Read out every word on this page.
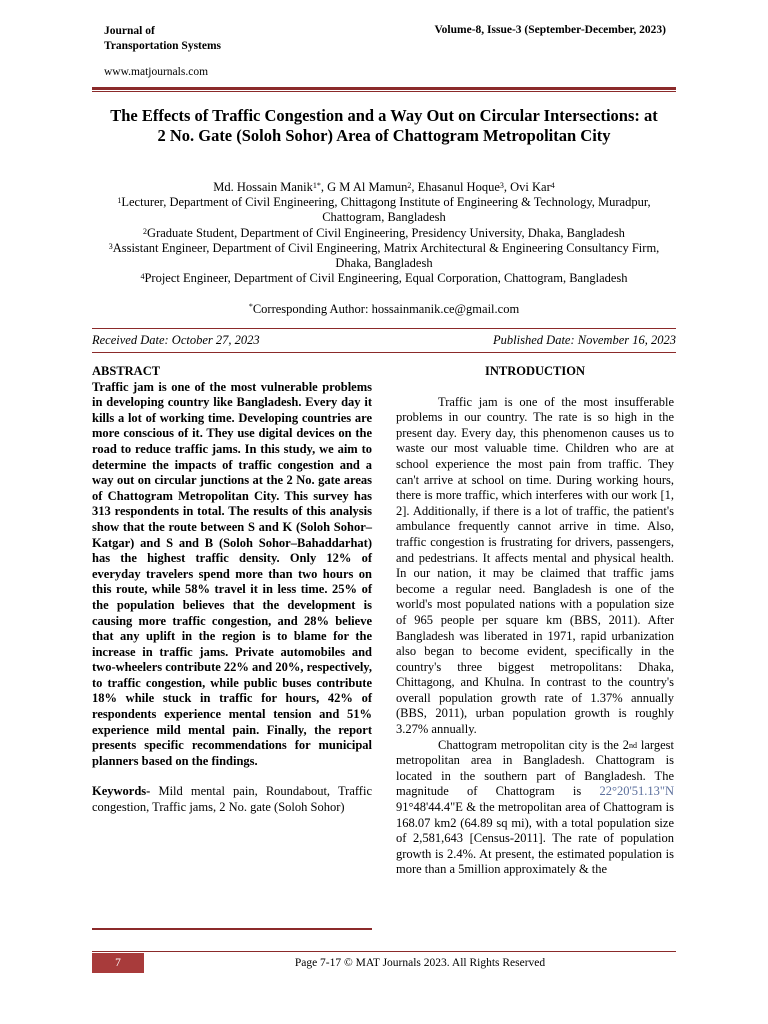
Journal of
Transportation Systems
Volume-8, Issue-3 (September-December, 2023)
www.matjournals.com
The Effects of Traffic Congestion and a Way Out on Circular Intersections: at 2 No. Gate (Soloh Sohor) Area of Chattogram Metropolitan City
Md. Hossain Manik$^{1*}$, G M Al Mamun$^2$, Ehasanul Hoque$^3$, Ovi Kar$^4$
$^1$Lecturer, Department of Civil Engineering, Chittagong Institute of Engineering & Technology, Muradpur, Chattogram, Bangladesh
$^2$Graduate Student, Department of Civil Engineering, Presidency University, Dhaka, Bangladesh
$^3$Assistant Engineer, Department of Civil Engineering, Matrix Architectural & Engineering Consultancy Firm, Dhaka, Bangladesh
$^4$Project Engineer, Department of Civil Engineering, Equal Corporation, Chattogram, Bangladesh
*Corresponding Author: hossainmanik.ce@gmail.com
Received Date: October 27, 2023	Published Date: November 16, 2023
ABSTRACT
Traffic jam is one of the most vulnerable problems in developing country like Bangladesh. Every day it kills a lot of working time. Developing countries are more conscious of it. They use digital devices on the road to reduce traffic jams. In this study, we aim to determine the impacts of traffic congestion and a way out on circular junctions at the 2 No. gate areas of Chattogram Metropolitan City. This survey has 313 respondents in total. The results of this analysis show that the route between S and K (Soloh Sohor–Katgar) and S and B (Soloh Sohor–Bahaddarhat) has the highest traffic density. Only 12% of everyday travelers spend more than two hours on this route, while 58% travel it in less time. 25% of the population believes that the development is causing more traffic congestion, and 28% believe that any uplift in the region is to blame for the increase in traffic jams. Private automobiles and two-wheelers contribute 22% and 20%, respectively, to traffic congestion, while public buses contribute 18% while stuck in traffic for hours, 42% of respondents experience mental tension and 51% experience mild mental pain. Finally, the report presents specific recommendations for municipal planners based on the findings.
Keywords- Mild mental pain, Roundabout, Traffic congestion, Traffic jams, 2 No. gate (Soloh Sohor)
INTRODUCTION

Traffic jam is one of the most insufferable problems in our country. The rate is so high in the present day. Every day, this phenomenon causes us to waste our most valuable time. Children who are at school experience the most pain from traffic. They can't arrive at school on time. During working hours, there is more traffic, which interferes with our work [1, 2]. Additionally, if there is a lot of traffic, the patient's ambulance frequently cannot arrive in time. Also, traffic congestion is frustrating for drivers, passengers, and pedestrians. It affects mental and physical health. In our nation, it may be claimed that traffic jams become a regular need. Bangladesh is one of the world's most populated nations with a population size of 965 people per square km (BBS, 2011). After Bangladesh was liberated in 1971, rapid urbanization also began to become evident, specifically in the country's three biggest metropolitans: Dhaka, Chittagong, and Khulna. In contrast to the country's overall population growth rate of 1.37% annually (BBS, 2011), urban population growth is roughly 3.27% annually.

Chattogram metropolitan city is the 2nd largest metropolitan area in Bangladesh. Chattogram is located in the southern part of Bangladesh. The magnitude of Chattogram is 22°20'51.13"N 91°48'44.4"E & the metropolitan area of Chattogram is 168.07 km2 (64.89 sq mi), with a total population size of 2,581,643 [Census-2011]. The rate of population growth is 2.4%. At present, the estimated population is more than a 5million approximately & the

7	Page 7-17 © MAT Journals 2023. All Rights Reserved
